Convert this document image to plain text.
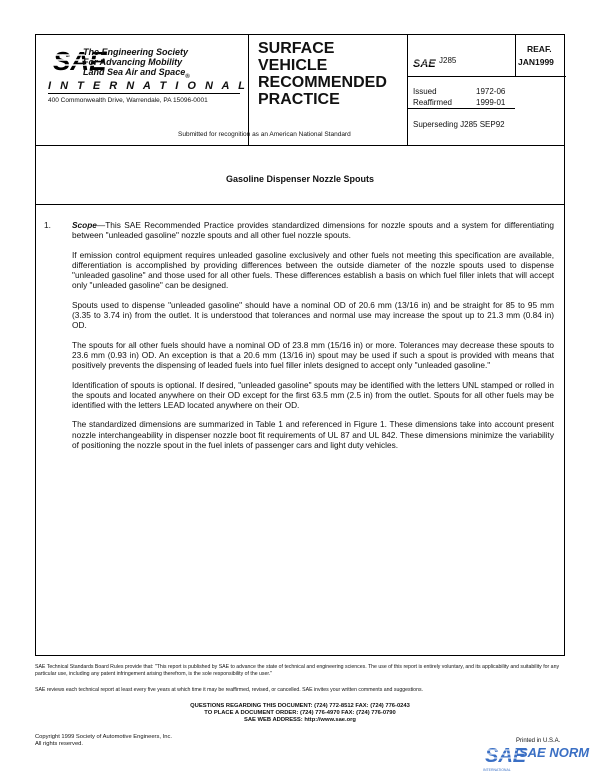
SAE
The Engineering Society
For Advancing Mobility
Land Sea Air and Space$_®$
I N T E R N A T I O N A L
400 Commonwealth Drive, Warrendale, PA 15096-0001
SURFACE
VEHICLE
RECOMMENDED
PRACTICE
Submitted for recognition as an American National Standard
SAE J285
REAF.
JAN1999
Issued	1972-06
Reaffirmed	1999-01
Superseding J285 SEP92
Gasoline Dispenser Nozzle Spouts

1.	Scope—This SAE Recommended Practice provides standardized dimensions for nozzle spouts and a system for differentiating between "unleaded gasoline" nozzle spouts and all other fuel nozzle spouts.

If emission control equipment requires unleaded gasoline exclusively and other fuels not meeting this specification are available, differentiation is accomplished by providing differences between the outside diameter of the nozzle spouts used to dispense "unleaded gasoline" and those used for all other fuels. These differences establish a basis on which fuel filler inlets that will accept only "unleaded gasoline" can be designed.

Spouts used to dispense "unleaded gasoline" should have a nominal OD of 20.6 mm (13/16 in) and be straight for 85 to 95 mm (3.35 to 3.74 in) from the outlet. It is understood that tolerances and normal use may increase the spout up to 21.3 mm (0.84 in) OD.

The spouts for all other fuels should have a nominal OD of 23.8 mm (15/16 in) or more. Tolerances may decrease these spouts to 23.6 mm (0.93 in) OD. An exception is that a 20.6 mm (13/16 in) spout may be used if such a spout is provided with means that positively prevents the dispensing of leaded fuels into fuel filler inlets designed to accept only "unleaded gasoline."

Identification of spouts is optional. If desired, "unleaded gasoline" spouts may be identified with the letters UNL stamped or rolled in the spouts and located anywhere on their OD except for the first 63.5 mm (2.5 in) from the outlet. Spouts for all other fuels may be identified with the letters LEAD located anywhere on their OD.

The standardized dimensions are summarized in Table 1 and referenced in Figure 1. These dimensions take into account present nozzle interchangeability in dispenser nozzle boot fit requirements of UL 87 and UL 842. These dimensions minimize the variability of positioning the nozzle spout in the fuel inlets of passenger cars and light duty vehicles.

SAE Technical Standards Board Rules provide that: "This report is published by SAE to advance the state of technical and engineering sciences. The use of this report is entirely voluntary, and its applicability and suitability for any particular use, including any patent infringement arising therefrom, is the sole responsibility of the user."
SAE reviews each technical report at least every five years at which time it may be reaffirmed, revised, or cancelled. SAE invites your written comments and suggestions.
QUESTIONS REGARDING THIS DOCUMENT: (724) 772-8512 FAX: (724) 776-0243
TO PLACE A DOCUMENT ORDER: (724) 776-4970 FAX: (724) 776-0790
SAE WEB ADDRESS: http://www.sae.org
Copyright 1999 Society of Automotive Engineers, Inc.
All rights reserved.	Printed in U.S.A.
SAE
SAE NORM
INTERNATIONAL
